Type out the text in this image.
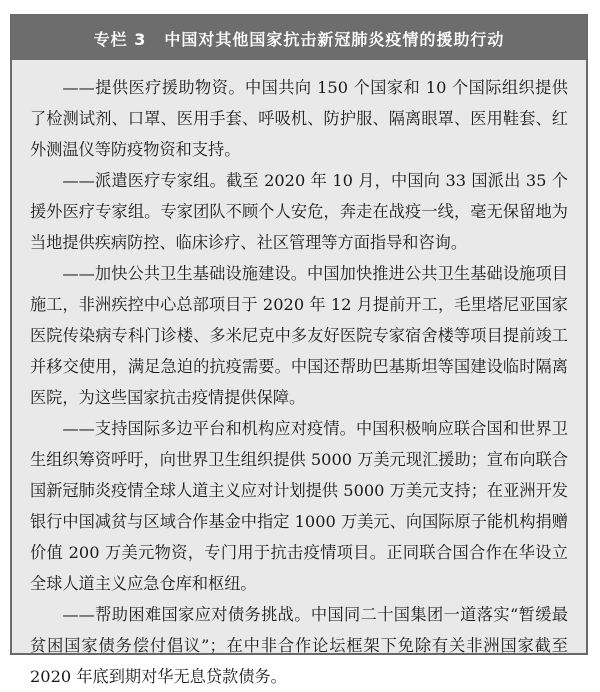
专栏 3 中国对其他国家抗击新冠肺炎疫情的援助行动

——提供医疗援助物资。中国共向 150 个国家和 10 个国际组织提供了检测试剂、口罩、医用手套、呼吸机、防护服、隔离眼罩、医用鞋套、红外测温仪等防疫物资和支持。

——派遣医疗专家组。截至 2020 年 10 月，中国向 33 国派出 35 个援外医疗专家组。专家团队不顾个人安危，奔走在战疫一线，毫无保留地为当地提供疾病防控、临床诊疗、社区管理等方面指导和咨询。

——加快公共卫生基础设施建设。中国加快推进公共卫生基础设施项目施工，非洲疾控中心总部项目于 2020 年 12 月提前开工，毛里塔尼亚国家医院传染病专科门诊楼、多米尼克中多友好医院专家宿舍楼等项目提前竣工并移交使用，满足急迫的抗疫需要。中国还帮助巴基斯坦等国建设临时隔离医院，为这些国家抗击疫情提供保障。

——支持国际多边平台和机构应对疫情。中国积极响应联合国和世界卫生组织筹资呼吁，向世界卫生组织提供 5000 万美元现汇援助；宣布向联合国新冠肺炎疫情全球人道主义应对计划提供 5000 万美元支持；在亚洲开发银行中国减贫与区域合作基金中指定 1000 万美元、向国际原子能机构捐赠价值 200 万美元物资，专门用于抗击疫情项目。正同联合国合作在华设立全球人道主义应急仓库和枢纽。

——帮助困难国家应对债务挑战。中国同二十国集团一道落实“暂缓最贫困国家债务偿付倡议”；在中非合作论坛框架下免除有关非洲国家截至 2020 年底到期对华无息贷款债务。
